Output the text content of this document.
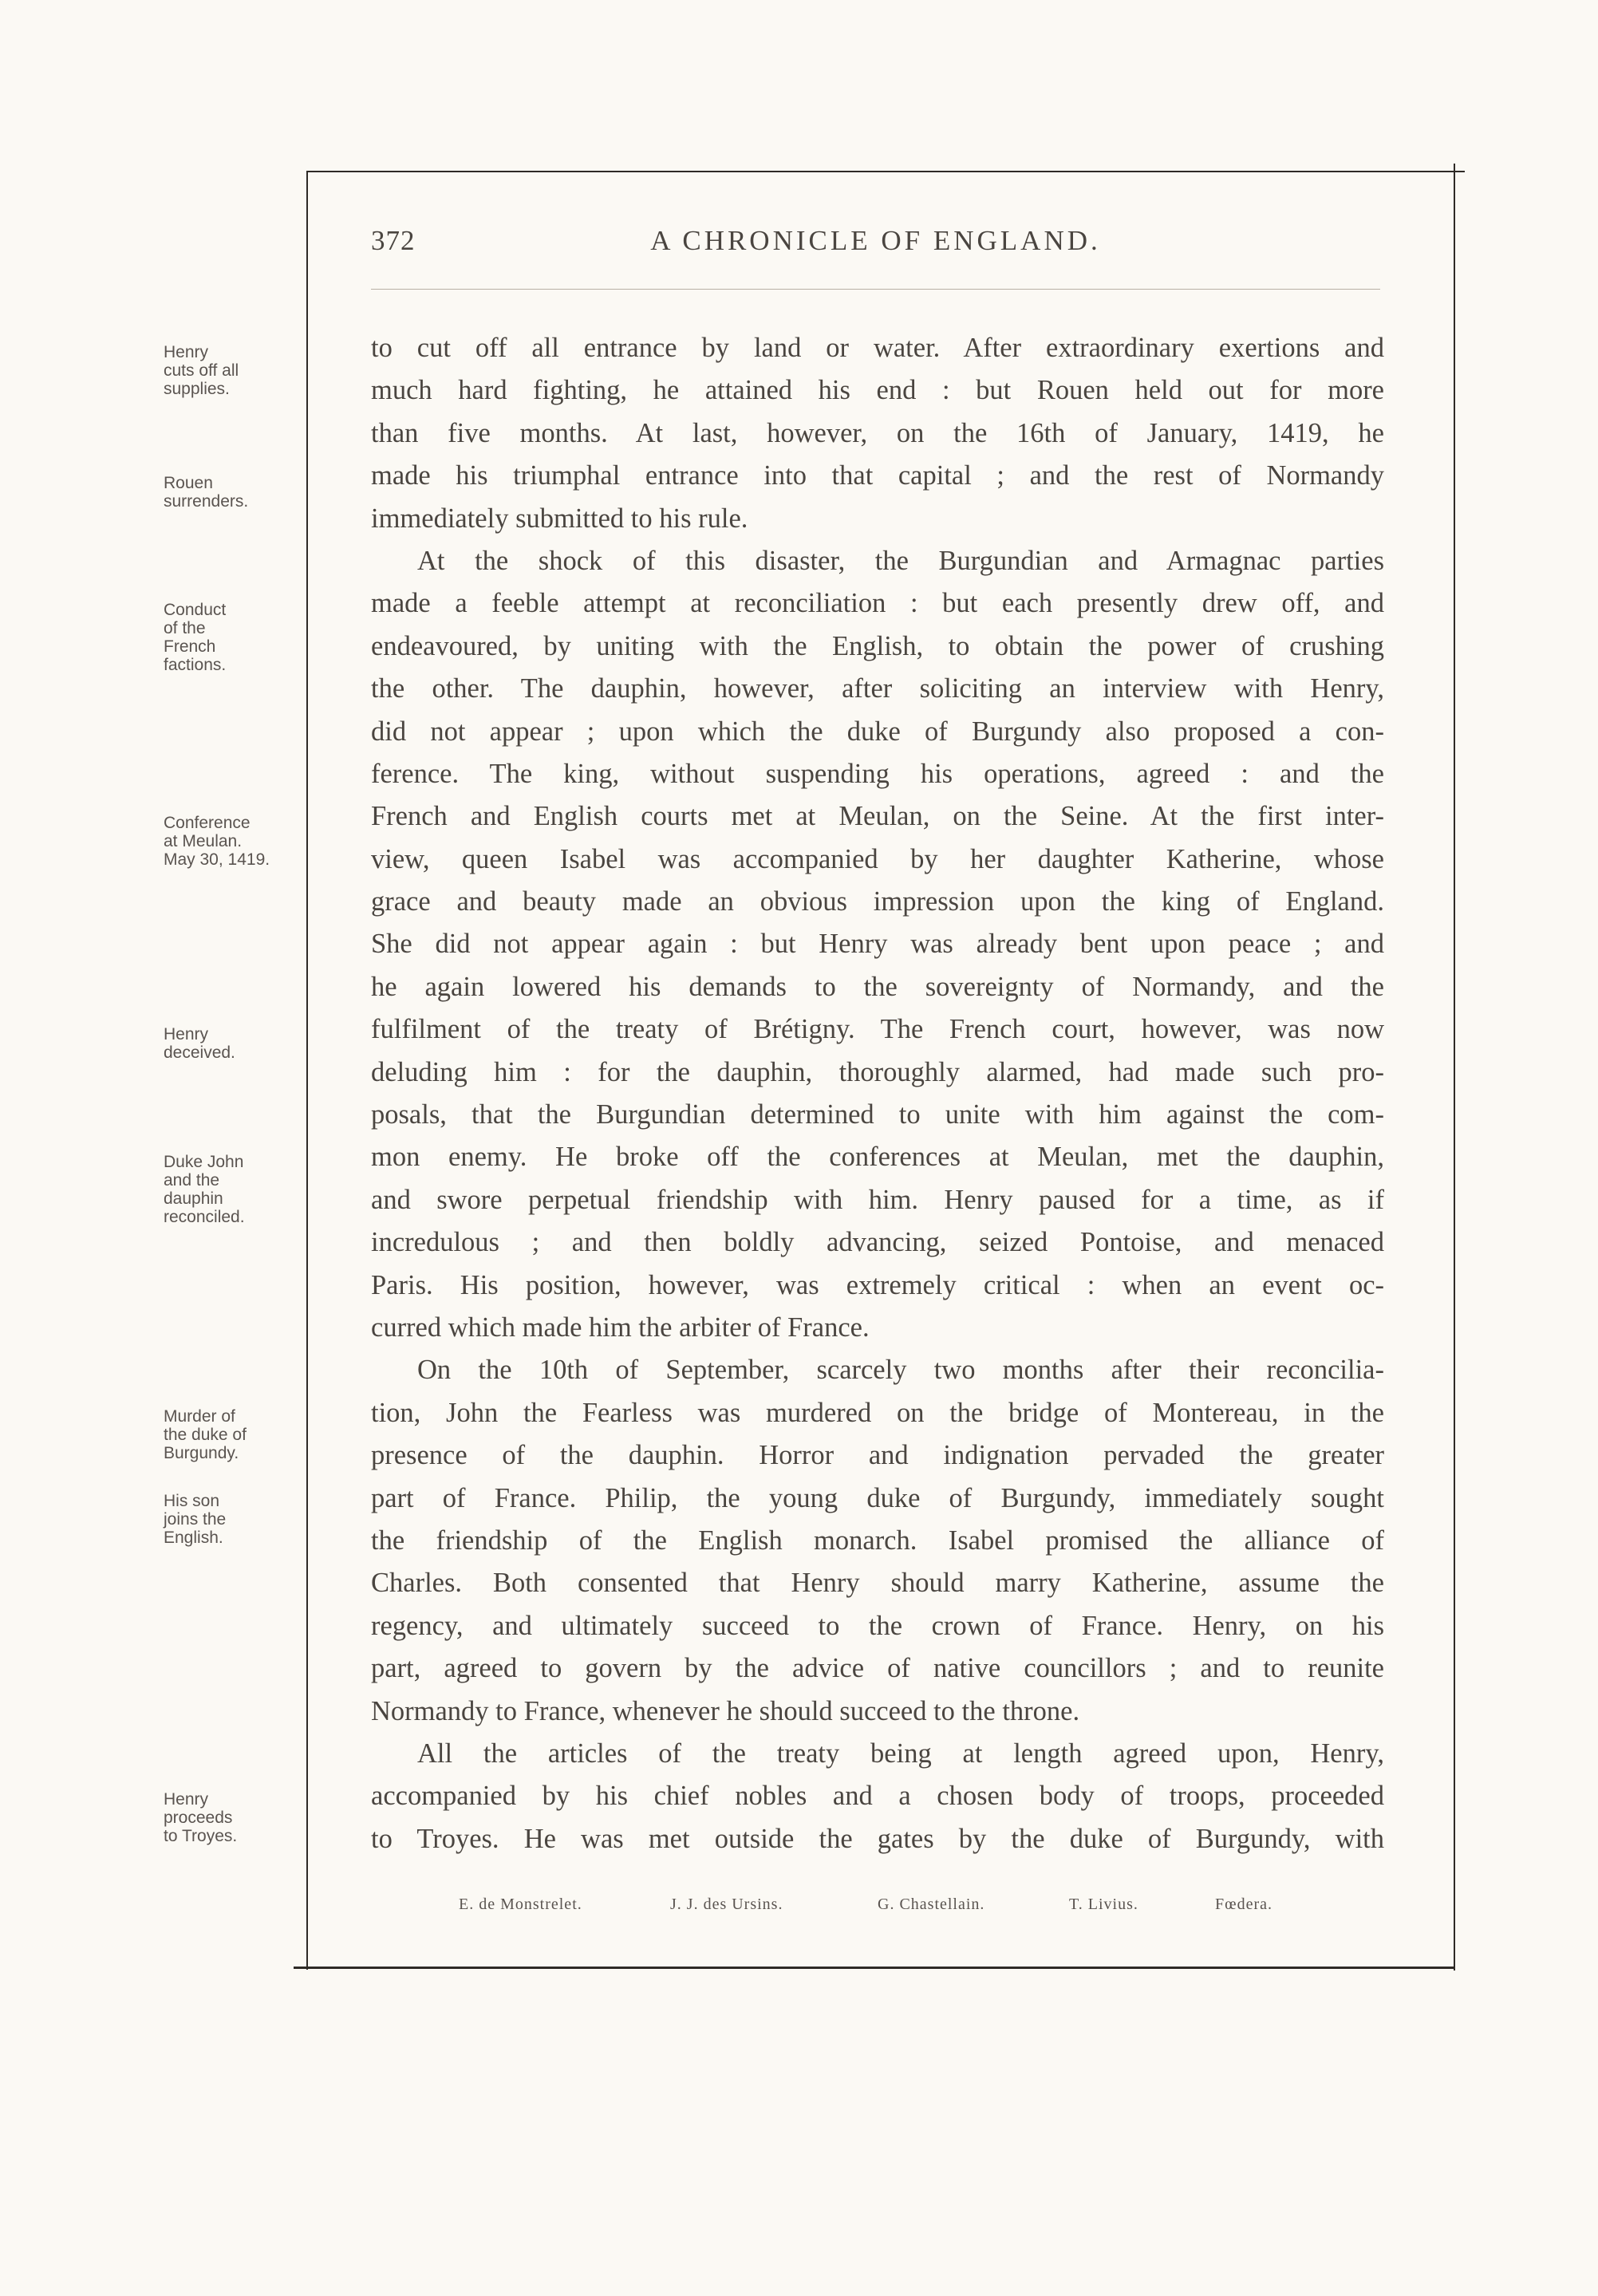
372	A CHRONICLE OF ENGLAND.
Henry
cuts off all
supplies.
Rouen
surrenders.
Conduct
of the
French
factions.
Conference
at Meulan.
May 30, 1419.
Henry
deceived.
Duke John
and the
dauphin
reconciled.
Murder of
the duke of
Burgundy.
His son
joins the
English.
Henry
proceeds
to Troyes.
to cut off all entrance by land or water. After extraordinary exertions and
much hard fighting, he attained his end : but Rouen held out for more
than five months. At last, however, on the 16th of January, 1419, he
made his triumphal entrance into that capital ; and the rest of Normandy
immediately submitted to his rule.
At the shock of this disaster, the Burgundian and Armagnac parties
made a feeble attempt at reconciliation : but each presently drew off, and
endeavoured, by uniting with the English, to obtain the power of crushing
the other. The dauphin, however, after soliciting an interview with Henry,
did not appear ; upon which the duke of Burgundy also proposed a con-
ference. The king, without suspending his operations, agreed : and the
French and English courts met at Meulan, on the Seine. At the first inter-
view, queen Isabel was accompanied by her daughter Katherine, whose
grace and beauty made an obvious impression upon the king of England.
She did not appear again : but Henry was already bent upon peace ; and
he again lowered his demands to the sovereignty of Normandy, and the
fulfilment of the treaty of Brétigny. The French court, however, was now
deluding him : for the dauphin, thoroughly alarmed, had made such pro-
posals, that the Burgundian determined to unite with him against the com-
mon enemy. He broke off the conferences at Meulan, met the dauphin,
and swore perpetual friendship with him. Henry paused for a time, as if
incredulous ; and then boldly advancing, seized Pontoise, and menaced
Paris. His position, however, was extremely critical : when an event oc-
curred which made him the arbiter of France.
On the 10th of September, scarcely two months after their reconcilia-
tion, John the Fearless was murdered on the bridge of Montereau, in the
presence of the dauphin. Horror and indignation pervaded the greater
part of France. Philip, the young duke of Burgundy, immediately sought
the friendship of the English monarch. Isabel promised the alliance of
Charles. Both consented that Henry should marry Katherine, assume the
regency, and ultimately succeed to the crown of France. Henry, on his
part, agreed to govern by the advice of native councillors ; and to reunite
Normandy to France, whenever he should succeed to the throne.
All the articles of the treaty being at length agreed upon, Henry,
accompanied by his chief nobles and a chosen body of troops, proceeded
to Troyes. He was met outside the gates by the duke of Burgundy, with
E. de Monstrelet.	J. J. des Ursins.	G. Chastellain.	T. Livius.	Fœdera.
